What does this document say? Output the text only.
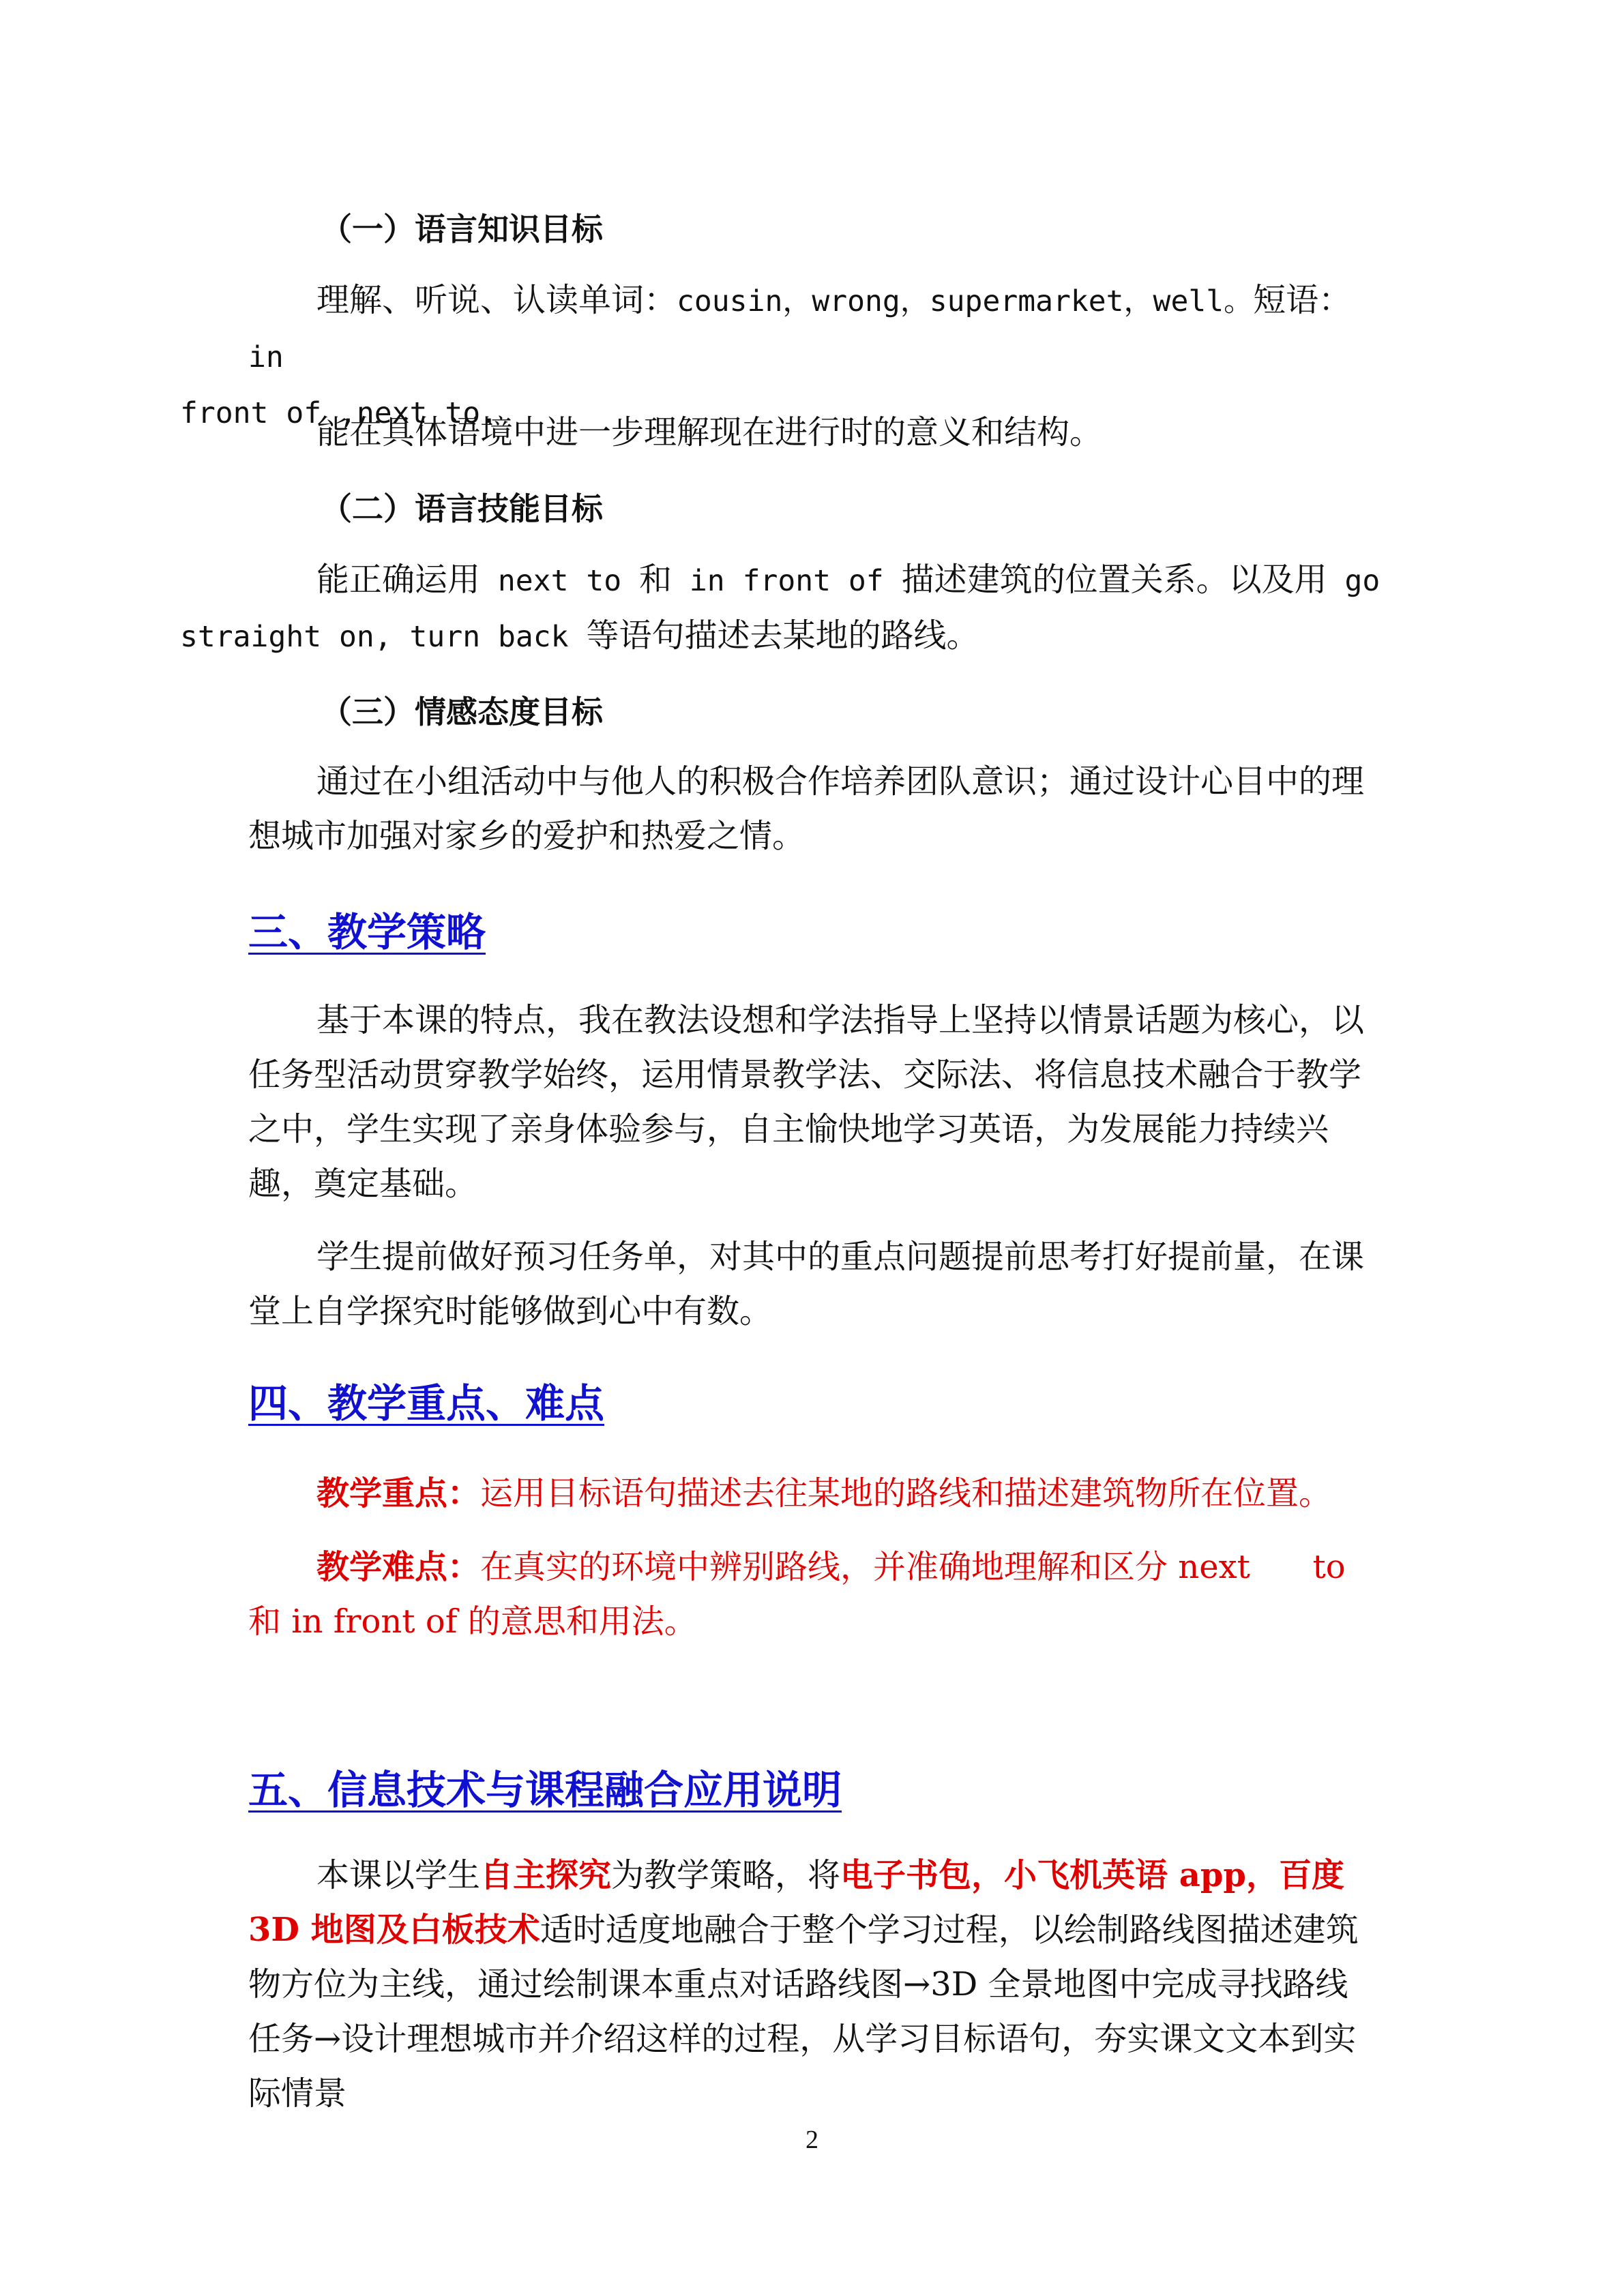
（一）语言知识目标

理解、听说、认读单词：cousin，wrong，supermarket，well。短语：in
front of ,next to.

能在具体语境中进一步理解现在进行时的意义和结构。

（二）语言技能目标

能正确运用 next to 和 in front of 描述建筑的位置关系。以及用 go
straight on, turn back 等语句描述去某地的路线。

（三）情感态度目标

通过在小组活动中与他人的积极合作培养团队意识；通过设计心目中的理想城市加强对家乡的爱护和热爱之情。

三、教学策略

基于本课的特点，我在教法设想和学法指导上坚持以情景话题为核心，以任务型活动贯穿教学始终，运用情景教学法、交际法、将信息技术融合于教学之中，学生实现了亲身体验参与，自主愉快地学习英语，为发展能力持续兴趣，奠定基础。

学生提前做好预习任务单，对其中的重点问题提前思考打好提前量，在课堂上自学探究时能够做到心中有数。

四、教学重点、难点

教学重点：运用目标语句描述去往某地的路线和描述建筑物所在位置。

教学难点：在真实的环境中辨别路线，并准确地理解和区分 next      to 和 in front of 的意思和用法。

五、信息技术与课程融合应用说明

本课以学生自主探究为教学策略，将电子书包，小飞机英语 app，百度 3D 地图及白板技术适时适度地融合于整个学习过程，以绘制路线图描述建筑物方位为主线，通过绘制课本重点对话路线图→3D 全景地图中完成寻找路线任务→设计理想城市并介绍这样的过程，从学习目标语句，夯实课文文本到实际情景

2
